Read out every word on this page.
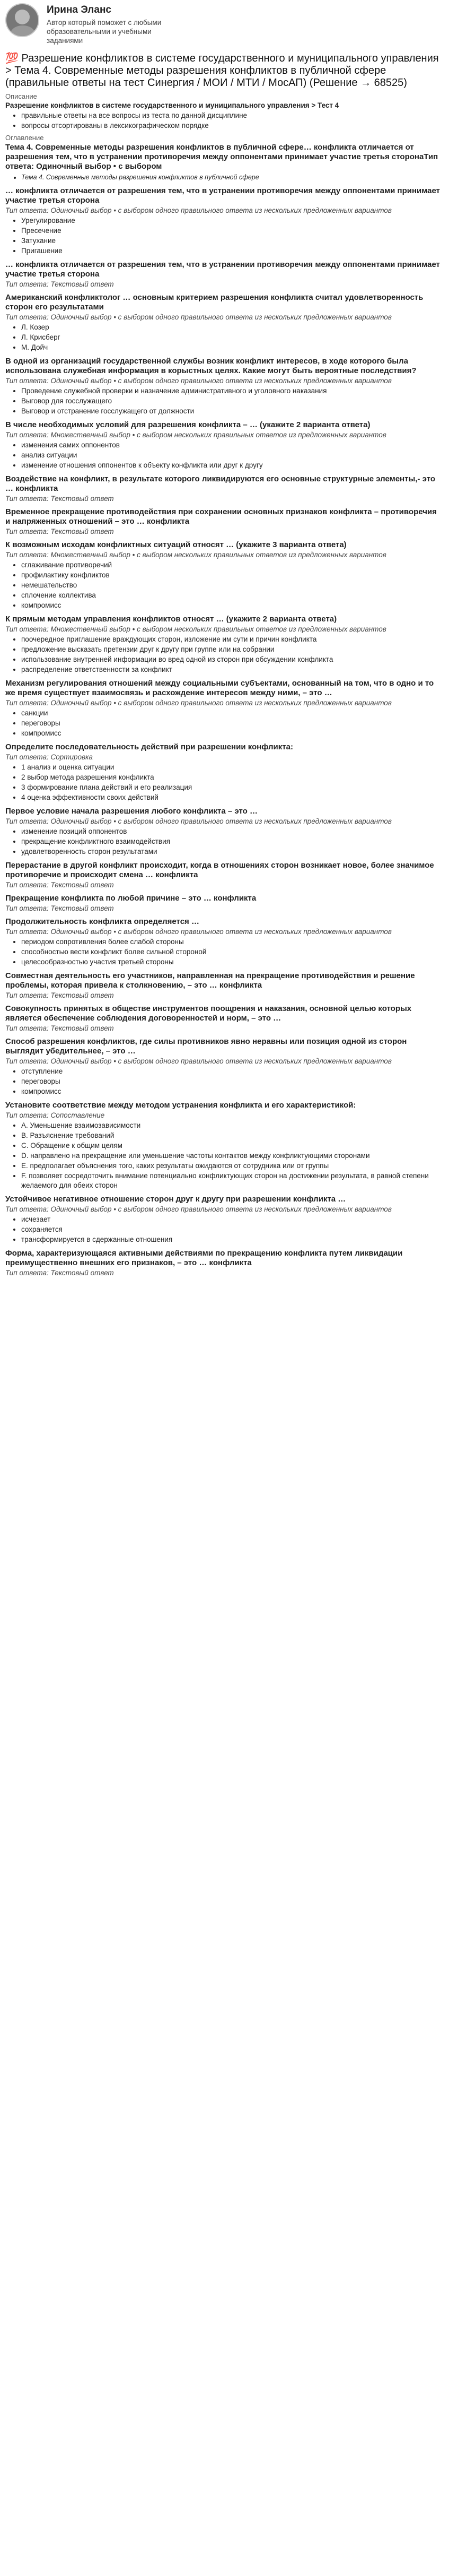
Ирина Эланс
Автор который поможет с любыми образовательными и учебными заданиями
💯 Разрешение конфликтов в системе государственного и муниципального управления > Тема 4. Современные методы разрешения конфликтов в публичной сфере (правильные ответы на тест Синергия / МОИ / МТИ / МосАП) (Решение → 68525)
Описание
Разрешение конфликтов в системе государственного и муниципального управления > Тест 4
• правильные ответы на все вопросы из теста по данной дисциплине
• вопросы отсортированы в лексикографическом порядке
Оглавление
Тема 4. Современные методы разрешения конфликтов в публичной сфере… конфликта отличается от разрешения тем, что в устранении противоречия между оппонентами принимает участие третья сторонаТип ответа: Одиночный выбор • с выбором
• Тема 4. Современные методы разрешения конфликтов в публичной сфере
… конфликта отличается от разрешения тем, что в устранении противоречия между оппонентами принимает участие третья сторона
Тип ответа: Одиночный выбор • с выбором одного правильного ответа из нескольких предложенных вариантов
• Урегулирование
• Пресечение
• Затухание
• Пригашение
… конфликта отличается от разрешения тем, что в устранении противоречия между оппонентами принимает участие третья сторона
Тип ответа: Текстовый ответ
Американский конфликтолог … основным критерием разрешения конфликта считал удовлетворенность сторон его результатами
Тип ответа: Одиночный выбор • с выбором одного правильного ответа из нескольких предложенных вариантов
• Л. Козер
• Л. Крисберг
• М. Дойч
В одной из организаций государственной службы возник конфликт интересов, в ходе которого была использована служебная информация в корыстных целях. Какие могут быть вероятные последствия?
Тип ответа: Одиночный выбор • с выбором одного правильного ответа из нескольких предложенных вариантов
• Проведение служебной проверки и назначение административного и уголовного наказания
• Выговор для госслужащего
• Выговор и отстранение госслужащего от должности
В числе необходимых условий для разрешения конфликта – … (укажите 2 варианта ответа)
Тип ответа: Множественный выбор • с выбором нескольких правильных ответов из предложенных вариантов
• изменения самих оппонентов
• анализ ситуации
• изменение отношения оппонентов к объекту конфликта или друг к другу
Воздействие на конфликт, в результате которого ликвидируются его основные структурные элементы,- это … конфликта
Тип ответа: Текстовый ответ
Временное прекращение противодействия при сохранении основных признаков конфликта – противоречия и напряженных отношений – это … конфликта
Тип ответа: Текстовый ответ
К возможным исходам конфликтных ситуаций относят … (укажите 3 варианта ответа)
Тип ответа: Множественный выбор • с выбором нескольких правильных ответов из предложенных вариантов
• сглаживание противоречий
• профилактику конфликтов
• немешательство
• сплочение коллектива
• компромисс
К прямым методам управления конфликтов относят … (укажите 2 варианта ответа)
Тип ответа: Множественный выбор • с выбором нескольких правильных ответов из предложенных вариантов
• поочередное приглашение враждующих сторон, изложение им сути и причин конфликта
• предложение высказать претензии друг к другу при группе или на собрании
• использование внутренней информации во вред одной из сторон при обсуждении конфликта
• распределение ответственности за конфликт
Механизм регулирования отношений между социальными субъектами, основанный на том, что в одно и то же время существует взаимосвязь и расхождение интересов между ними, – это …
Тип ответа: Одиночный выбор • с выбором одного правильного ответа из нескольких предложенных вариантов
• санкции
• переговоры
• компромисс
Определите последовательность действий при разрешении конфликта:
Тип ответа: Сортировка
• 1 анализ и оценка ситуации
• 2 выбор метода разрешения конфликта
• 3 формирование плана действий и его реализация
• 4 оценка эффективности своих действий
Первое условие начала разрешения любого конфликта – это …
Тип ответа: Одиночный выбор • с выбором одного правильного ответа из нескольких предложенных вариантов
• изменение позиций оппонентов
• прекращение конфликтного взаимодействия
• удовлетворенность сторон результатами
Перерастание в другой конфликт происходит, когда в отношениях сторон возникает новое, более значимое противоречие и происходит смена … конфликта
Тип ответа: Текстовый ответ
Прекращение конфликта по любой причине – это … конфликта
Тип ответа: Текстовый ответ
Продолжительность конфликта определяется …
Тип ответа: Одиночный выбор • с выбором одного правильного ответа из нескольких предложенных вариантов
• периодом сопротивления более слабой стороны
• способностью вести конфликт более сильной стороной
• целесообразностью участия третьей стороны
Совместная деятельность его участников, направленная на прекращение противодействия и решение проблемы, которая привела к столкновению, – это … конфликта
Тип ответа: Текстовый ответ
Совокупность принятых в обществе инструментов поощрения и наказания, основной целью которых является обеспечение соблюдения договоренностей и норм, – это …
Тип ответа: Текстовый ответ
Способ разрешения конфликтов, где силы противников явно неравны или позиция одной из сторон выглядит убедительнее, – это …
Тип ответа: Одиночный выбор • с выбором одного правильного ответа из нескольких предложенных вариантов
• отступление
• переговоры
• компромисс
Установите соответствие между методом устранения конфликта и его характеристикой:
Тип ответа: Сопоставление
• A. Уменьшение взаимозависимости
• B. Разъяснение требований
• C. Обращение к общим целям
• D. направлено на прекращение или уменьшение частоты контактов между конфликтующими сторонами
• E. предполагает объяснения того, каких результаты ожидаются от сотрудника или от группы
• F. позволяет сосредоточить внимание потенциально конфликтующих сторон на достижении результата, в равной степени желаемого для обеих сторон
Устойчивое негативное отношение сторон друг к другу при разрешении конфликта …
Тип ответа: Одиночный выбор • с выбором одного правильного ответа из нескольких предложенных вариантов
• исчезает
• сохраняется
• трансформируется в сдержанные отношения
Форма, характеризующаяся активными действиями по прекращению конфликта путем ликвидации преимущественно внешних его признаков, – это … конфликта
Тип ответа: Текстовый ответ
